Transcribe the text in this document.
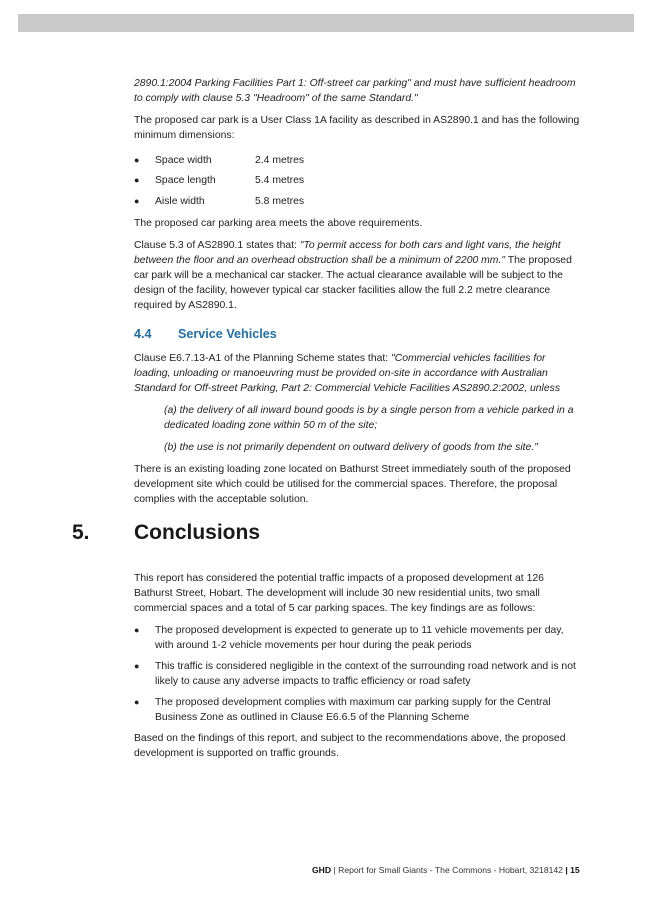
2890.1:2004 Parking Facilities Part 1: Off-street car parking" and must have sufficient headroom to comply with clause 5.3 "Headroom" of the same Standard."

The proposed car park is a User Class 1A facility as described in AS2890.1 and has the following minimum dimensions:

●	Space width	2.4 metres
●	Space length	5.4 metres
●	Aisle width	5.8 metres

The proposed car parking area meets the above requirements.

Clause 5.3 of AS2890.1 states that: "To permit access for both cars and light vans, the height between the floor and an overhead obstruction shall be a minimum of 2200 mm." The proposed car park will be a mechanical car stacker. The actual clearance available will be subject to the design of the facility, however typical car stacker facilities allow the full 2.2 metre clearance required by AS2890.1.

4.4	Service Vehicles

Clause E6.7.13-A1 of the Planning Scheme states that: "Commercial vehicles facilities for loading, unloading or manoeuvring must be provided on-site in accordance with Australian Standard for Off-street Parking, Part 2: Commercial Vehicle Facilities AS2890.2:2002, unless

(a) the delivery of all inward bound goods is by a single person from a vehicle parked in a dedicated loading zone within 50 m of the site;

(b) the use is not primarily dependent on outward delivery of goods from the site."

There is an existing loading zone located on Bathurst Street immediately south of the proposed development site which could be utilised for the commercial spaces. Therefore, the proposal complies with the acceptable solution.

5. Conclusions

This report has considered the potential traffic impacts of a proposed development at 126 Bathurst Street, Hobart. The development will include 30 new residential units, two small commercial spaces and a total of 5 car parking spaces. The key findings are as follows:

●	The proposed development is expected to generate up to 11 vehicle movements per day, with around 1-2 vehicle movements per hour during the peak periods
●	This traffic is considered negligible in the context of the surrounding road network and is not likely to cause any adverse impacts to traffic efficiency or road safety
●	The proposed development complies with maximum car parking supply for the Central Business Zone as outlined in Clause E6.6.5 of the Planning Scheme

Based on the findings of this report, and subject to the recommendations above, the proposed development is supported on traffic grounds.

GHD | Report for Small Giants - The Commons - Hobart, 3218142 | 15
